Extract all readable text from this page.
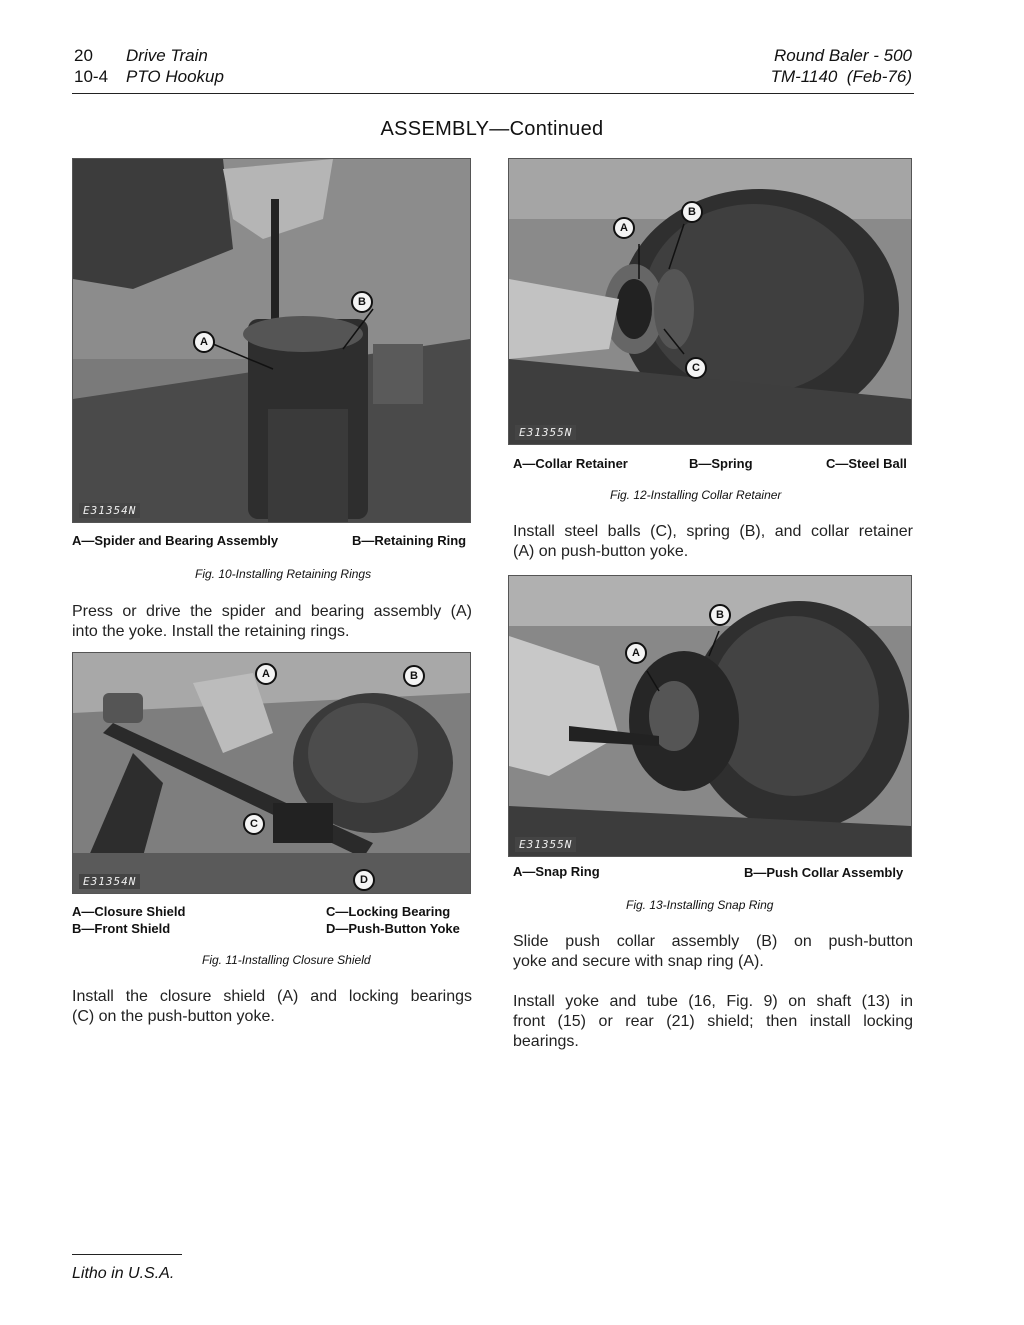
20 Drive Train
10-4 PTO Hookup
Round Baler - 500
TM-1140  (Feb-76)
ASSEMBLY—Continued
A
B
E31354N
A—Spider and Bearing Assembly	B—Retaining Ring
Fig. 10-Installing Retaining Rings
Press or drive the spider and bearing assembly (A)
into the yoke. Install the retaining rings.
A	B
C
D
E31354N
A—Closure Shield
B—Front Shield
C—Locking Bearing
D—Push-Button Yoke
Fig. 11-Installing Closure Shield
Install the closure shield (A) and locking bearings
(C) on the push-button yoke.
A
B
C
E31355N
A—Collar Retainer	B—Spring	C—Steel Ball
Fig. 12-Installing Collar Retainer
Install steel balls (C), spring (B), and collar retainer
(A) on push-button yoke.
A
B
E31355N
A—Snap Ring	B—Push Collar Assembly
Fig. 13-Installing Snap Ring
Slide push collar assembly (B) on push-button
yoke and secure with snap ring (A).
Install yoke and tube (16, Fig. 9) on shaft (13) in
front (15) or rear (21) shield; then install locking
bearings.
Litho in U.S.A.
